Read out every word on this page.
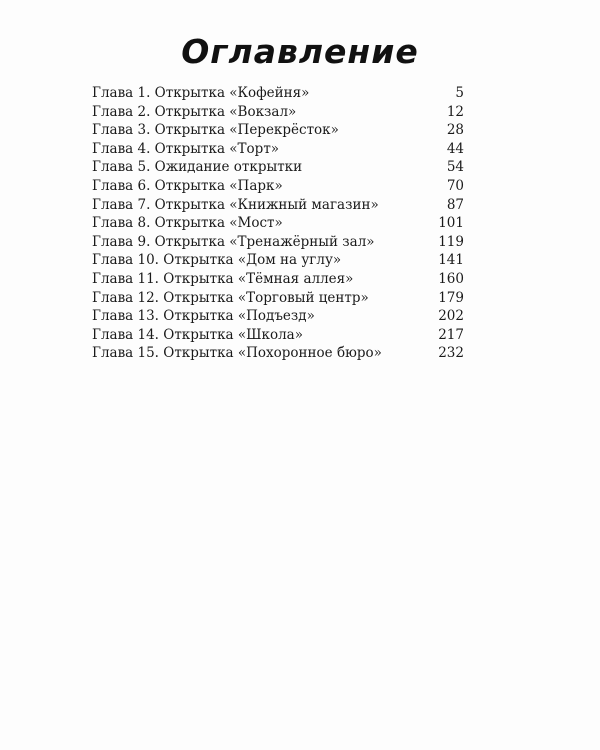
Оглавление
Глава 1. Открытка «Кофейня»	5
Глава 2. Открытка «Вокзал»	12
Глава 3. Открытка «Перекрёсток»	28
Глава 4. Открытка «Торт»	44
Глава 5. Ожидание открытки	54
Глава 6. Открытка «Парк»	70
Глава 7. Открытка «Книжный магазин»	87
Глава 8. Открытка «Мост»	101
Глава 9. Открытка «Тренажёрный зал»	119
Глава 10. Открытка «Дом на углу»	141
Глава 11. Открытка «Тёмная аллея»	160
Глава 12. Открытка «Торговый центр»	179
Глава 13. Открытка «Подъезд»	202
Глава 14. Открытка «Школа»	217
Глава 15. Открытка «Похоронное бюро»	232
